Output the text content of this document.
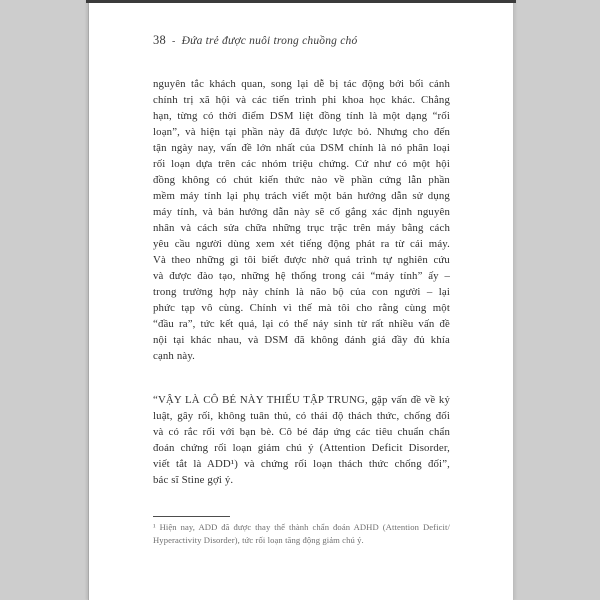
38 - Đứa trẻ được nuôi trong chuồng chó
nguyên tắc khách quan, song lại dễ bị tác động bởi bối cảnh
chính trị xã hội và các tiến trình phi khoa học khác. Chẳng
hạn, từng có thời điểm DSM liệt đồng tính là một dạng “rối
loạn”, và hiện tại phần này đã được lược bỏ. Nhưng cho đến
tận ngày nay, vấn đề lớn nhất của DSM chính là nó phân loại
rối loạn dựa trên các nhóm triệu chứng. Cứ như có một hội
đồng không có chút kiến thức nào về phần cứng lẫn phần
mềm máy tính lại phụ trách viết một bản hướng dẫn sử dụng
máy tính, và bản hướng dẫn này sẽ cố gắng xác định nguyên
nhân và cách sửa chữa những trục trặc trên máy bằng cách
yêu cầu người dùng xem xét tiếng động phát ra từ cái máy.
Và theo những gì tôi biết được nhờ quá trình tự nghiên cứu
và được đào tạo, những hệ thống trong cái “máy tính” ấy –
trong trường hợp này chính là não bộ của con người – lại
phức tạp vô cùng. Chính vì thế mà tôi cho rằng cùng một
“đầu ra”, tức kết quả, lại có thể nảy sinh từ rất nhiều vấn đề
nội tại khác nhau, và DSM đã không đánh giá đầy đủ khía
cạnh này.
“VẬY LÀ CÔ BÉ NÀY THIẾU TẬP TRUNG, gặp vấn đề về kỷ
luật, gây rối, không tuân thủ, có thái độ thách thức, chống đối
và có rắc rối với bạn bè. Cô bé đáp ứng các tiêu chuẩn chẩn
đoán chứng rối loạn giảm chú ý (Attention Deficit Disorder,
viết tắt là ADD¹) và chứng rối loạn thách thức chống đối”,
bác sĩ Stine gợi ý.
¹ Hiện nay, ADD đã được thay thế thành chẩn đoán ADHD (Attention Deficit/
Hyperactivity Disorder), tức rối loạn tăng động giảm chú ý.
